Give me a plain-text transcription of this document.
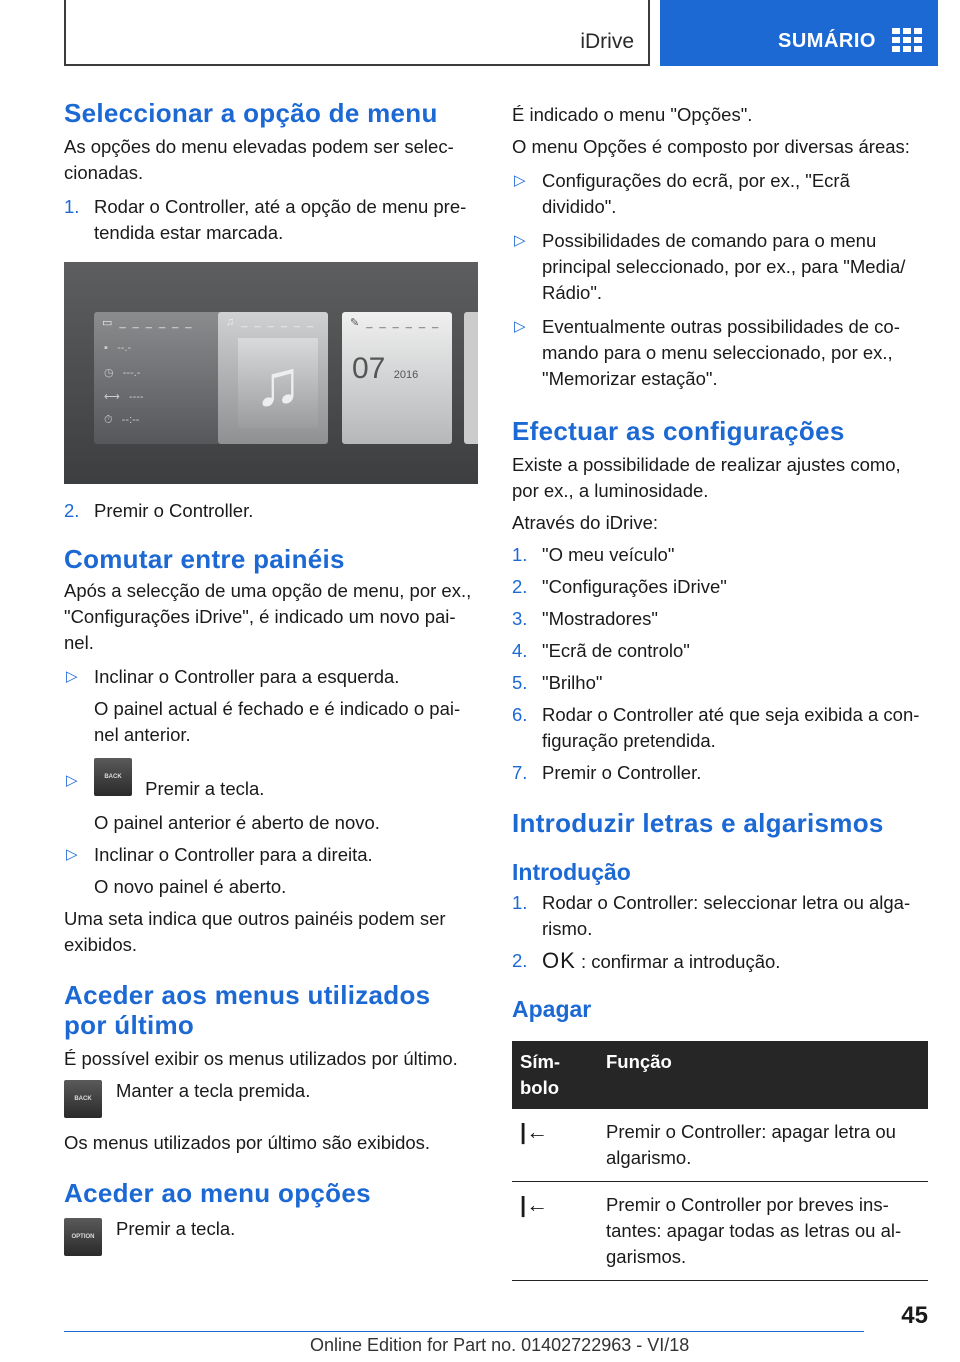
iDrive	SUMÁRIO
Seleccionar a opção de menu

As opções do menu elevadas podem ser selec-cionadas.

1. Rodar o Controller, até a opção de menu pre-tendida estar marcada.
▭ _ _ _ _ _ _
▪   --.-
◷   ---.-
⟷   ----
⏱   --:--
♫ _ _ _ _ _ _
♫
✎ _ _ _ _ _ _
07 2016
2. Premir o Controller.
Comutar entre painéis

Após a selecção de uma opção de menu, por ex., "Configurações iDrive", é indicado um novo pai-nel.

▷ Inclinar o Controller para a esquerda.

O painel actual é fechado e é indicado o pai-nel anterior.

▷	BACK Premir a tecla.

O painel anterior é aberto de novo.

▷ Inclinar o Controller para a direita.

O novo painel é aberto.

Uma seta indica que outros painéis podem ser exibidos.

Aceder aos menus utilizados por último

É possível exibir os menus utilizados por último.

BACK Manter a tecla premida.

Os menus utilizados por último são exibidos.

Aceder ao menu opções
OPTION Premir a tecla.

É indicado o menu "Opções".

O menu Opções é composto por diversas áreas:

▷ Configurações do ecrã, por ex., "Ecrã dividido".
▷ Possibilidades de comando para o menu principal seleccionado, por ex., para "Media/ Rádio".
▷ Eventualmente outras possibilidades de co-mando para o menu seleccionado, por ex., "Memorizar estação".
Efectuar as configurações

Existe a possibilidade de realizar ajustes como, por ex., a luminosidade.

Através do iDrive:

1. "O meu veículo"
2. "Configurações iDrive"
3. "Mostradores"
4. "Ecrã de controlo"
5. "Brilho"
6. Rodar o Controller até que seja exibida a con-figuração pretendida.
7. Premir o Controller.
Introduzir letras e algarismos
Introdução
1. Rodar o Controller: seleccionar letra ou alga-rismo.
2. OK : confirmar a introdução.
Apagar
Sím-bolo	Função
|←	Premir o Controller: apagar letra ou algarismo.
|←	Premir o Controller por breves ins-tantes: apagar todas as letras ou al-garismos.
45
Online Edition for Part no. 01402722963 - VI/18
